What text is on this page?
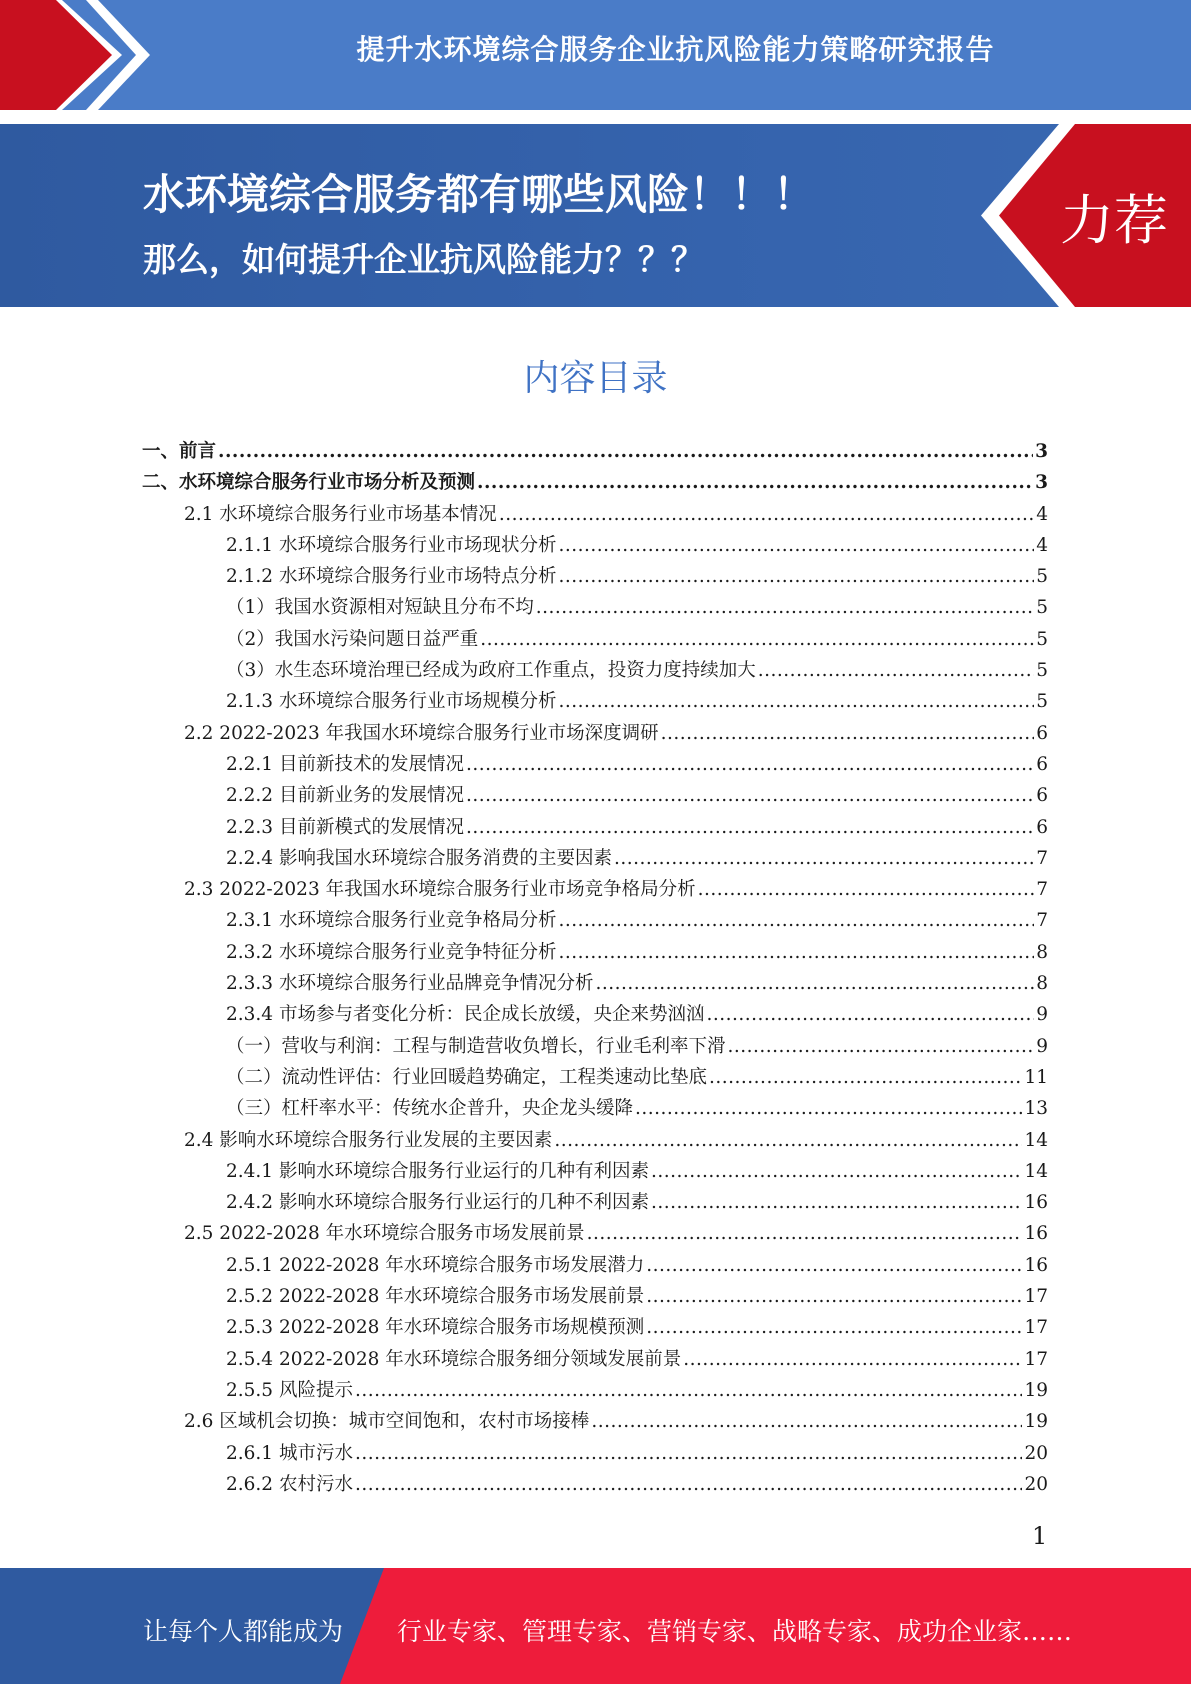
提升水环境综合服务企业抗风险能力策略研究报告
水环境综合服务都有哪些风险！！！
那么，如何提升企业抗风险能力？？？
力荐
内容目录
一、前言 .....	3
二、水环境综合服务行业市场分析及预测 .....	3
2.1 水环境综合服务行业市场基本情况 .....	4
2.1.1 水环境综合服务行业市场现状分析 .....	4
2.1.2 水环境综合服务行业市场特点分析 .....	5
（1）我国水资源相对短缺且分布不均 .....	5
（2）我国水污染问题日益严重 .....	5
（3）水生态环境治理已经成为政府工作重点，投资力度持续加大 .....	5
2.1.3 水环境综合服务行业市场规模分析 .....	5
2.2 2022-2023 年我国水环境综合服务行业市场深度调研 .....	6
2.2.1 目前新技术的发展情况 .....	6
2.2.2 目前新业务的发展情况 .....	6
2.2.3 目前新模式的发展情况 .....	6
2.2.4 影响我国水环境综合服务消费的主要因素 .....	7
2.3 2022-2023 年我国水环境综合服务行业市场竞争格局分析 .....	7
2.3.1 水环境综合服务行业竞争格局分析 .....	7
2.3.2 水环境综合服务行业竞争特征分析 .....	8
2.3.3 水环境综合服务行业品牌竞争情况分析 .....	8
2.3.4 市场参与者变化分析：民企成长放缓，央企来势汹汹 .....	9
（一）营收与利润：工程与制造营收负增长，行业毛利率下滑 .....	9
（二）流动性评估：行业回暖趋势确定，工程类速动比垫底 .....	11
（三）杠杆率水平：传统水企普升，央企龙头缓降 .....	13
2.4 影响水环境综合服务行业发展的主要因素 .....	14
2.4.1 影响水环境综合服务行业运行的几种有利因素 .....	14
2.4.2 影响水环境综合服务行业运行的几种不利因素 .....	16
2.5 2022-2028 年水环境综合服务市场发展前景 .....	16
2.5.1 2022-2028 年水环境综合服务市场发展潜力 .....	16
2.5.2 2022-2028 年水环境综合服务市场发展前景 .....	17
2.5.3 2022-2028 年水环境综合服务市场规模预测 .....	17
2.5.4 2022-2028 年水环境综合服务细分领域发展前景 .....	17
2.5.5 风险提示 .....	19
2.6 区域机会切换：城市空间饱和，农村市场接棒 .....	19
2.6.1 城市污水 .....	20
2.6.2 农村污水 .....	20
1
让每个人都能成为 行业专家、管理专家、营销专家、战略专家、成功企业家……
